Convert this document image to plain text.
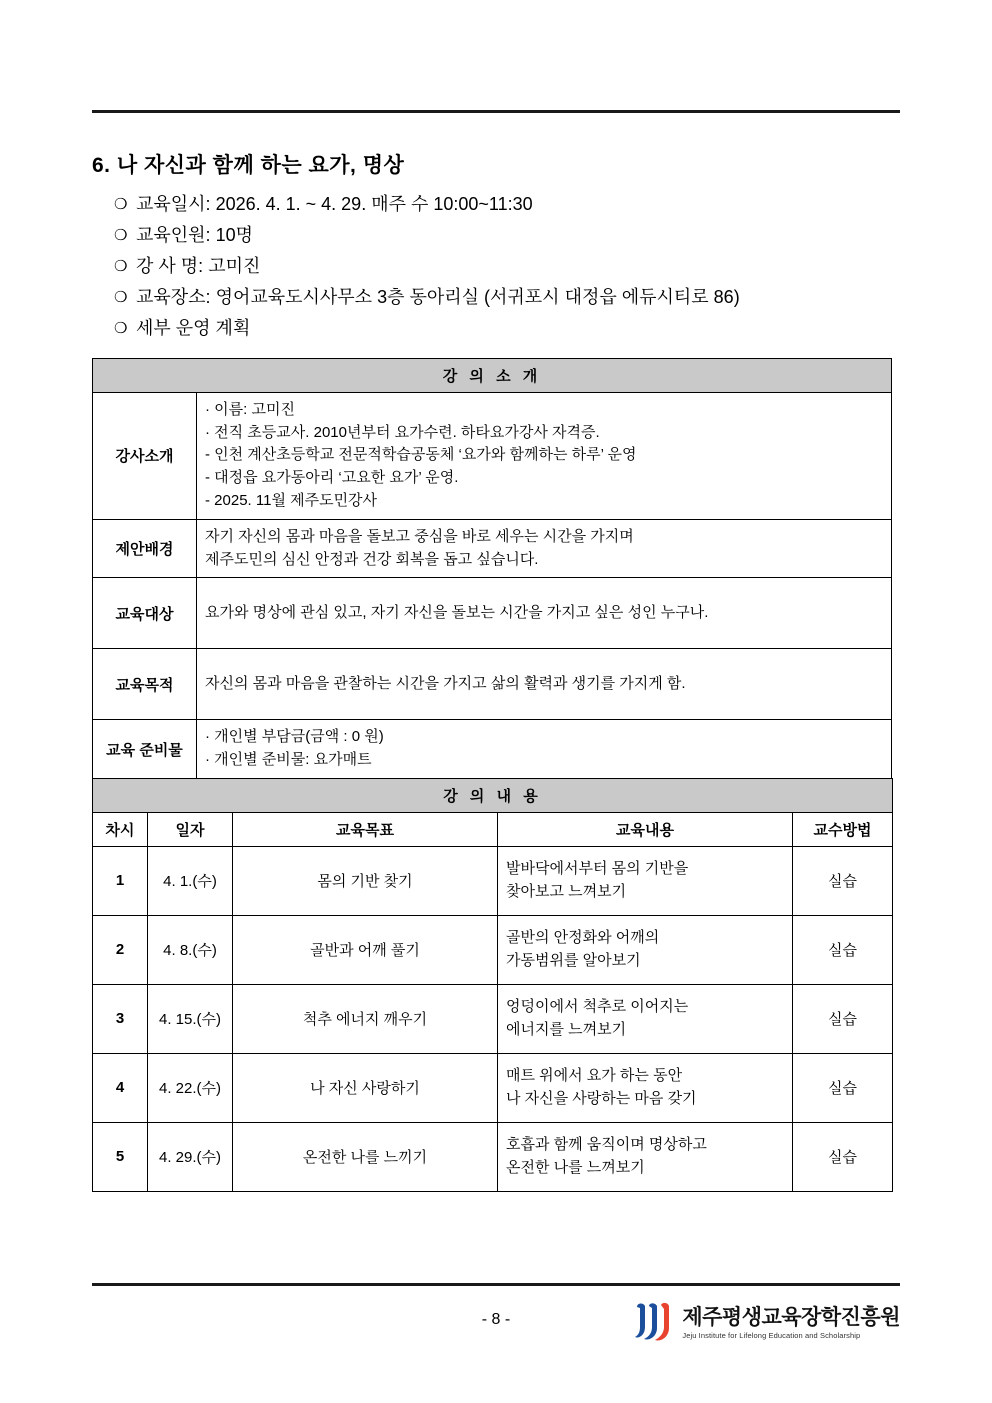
6. 나 자신과 함께 하는 요가, 명상
❍ 교육일시: 2026. 4. 1. ~ 4. 29. 매주 수 10:00~11:30
❍ 교육인원: 10명
❍ 강 사 명: 고미진
❍ 교육장소: 영어교육도시사무소 3층 동아리실 (서귀포시 대정읍 에듀시티로 86)
❍ 세부 운영 계획
강 의 소 개	
강사소개	· 이름: 고미진
· 전직 초등교사. 2010년부터 요가수련. 하타요가강사 자격증.
- 인천 계산초등학교 전문적학습공동체 ‘요가와 함께하는 하루’ 운영
- 대정읍 요가동아리 ‘고요한 요가’ 운영.
- 2025. 11월 제주도민강사

제안배경	자기 자신의 몸과 마음을 돌보고 중심을 바로 세우는 시간을 가지며
제주도민의 심신 안정과 건강 회복을 돕고 싶습니다.

교육대상	요가와 명상에 관심 있고, 자기 자신을 돌보는 시간을 가지고 싶은 성인 누구나.

교육목적	자신의 몸과 마음을 관찰하는 시간을 가지고 삶의 활력과 생기를 가지게 함.

교육 준비물	· 개인별 부담금(금액 : 0 원)
· 개인별 준비물: 요가매트
강 의 내 용				
차시	일자	교육목표	교육내용	교수방법
1	4. 1.(수)	몸의 기반 찾기	발바닥에서부터 몸의 기반을
찾아보고 느껴보기	실습
2	4. 8.(수)	골반과 어깨 풀기	골반의 안정화와 어깨의
가동범위를 알아보기	실습
3	4. 15.(수)	척추 에너지 깨우기	엉덩이에서 척추로 이어지는
에너지를 느껴보기	실습
4	4. 22.(수)	나 자신 사랑하기	매트 위에서 요가 하는 동안
나 자신을 사랑하는 마음 갖기	실습
5	4. 29.(수)	온전한 나를 느끼기	호흡과 함께 움직이며 명상하고
온전한 나를 느껴보기	실습
- 8 -	제주평생교육장학진흥원
Jeju Institute for Lifelong Education and Scholarship
